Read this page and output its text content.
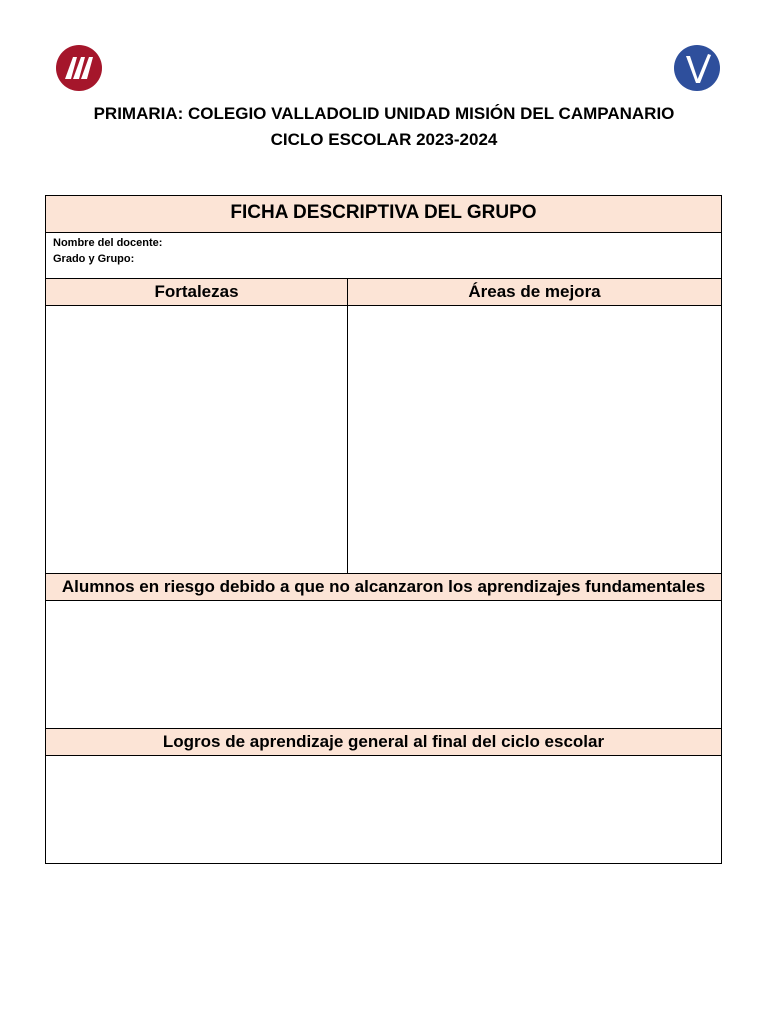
PRIMARIA: COLEGIO VALLADOLID UNIDAD MISIÓN DEL CAMPANARIO
CICLO ESCOLAR 2023-2024
FICHA DESCRIPTIVA DEL GRUPO
Nombre del docente:
Grado y Grupo:
Fortalezas	Áreas de mejora
Alumnos en riesgo debido a que no alcanzaron los aprendizajes fundamentales
Logros de aprendizaje general al final del ciclo escolar
